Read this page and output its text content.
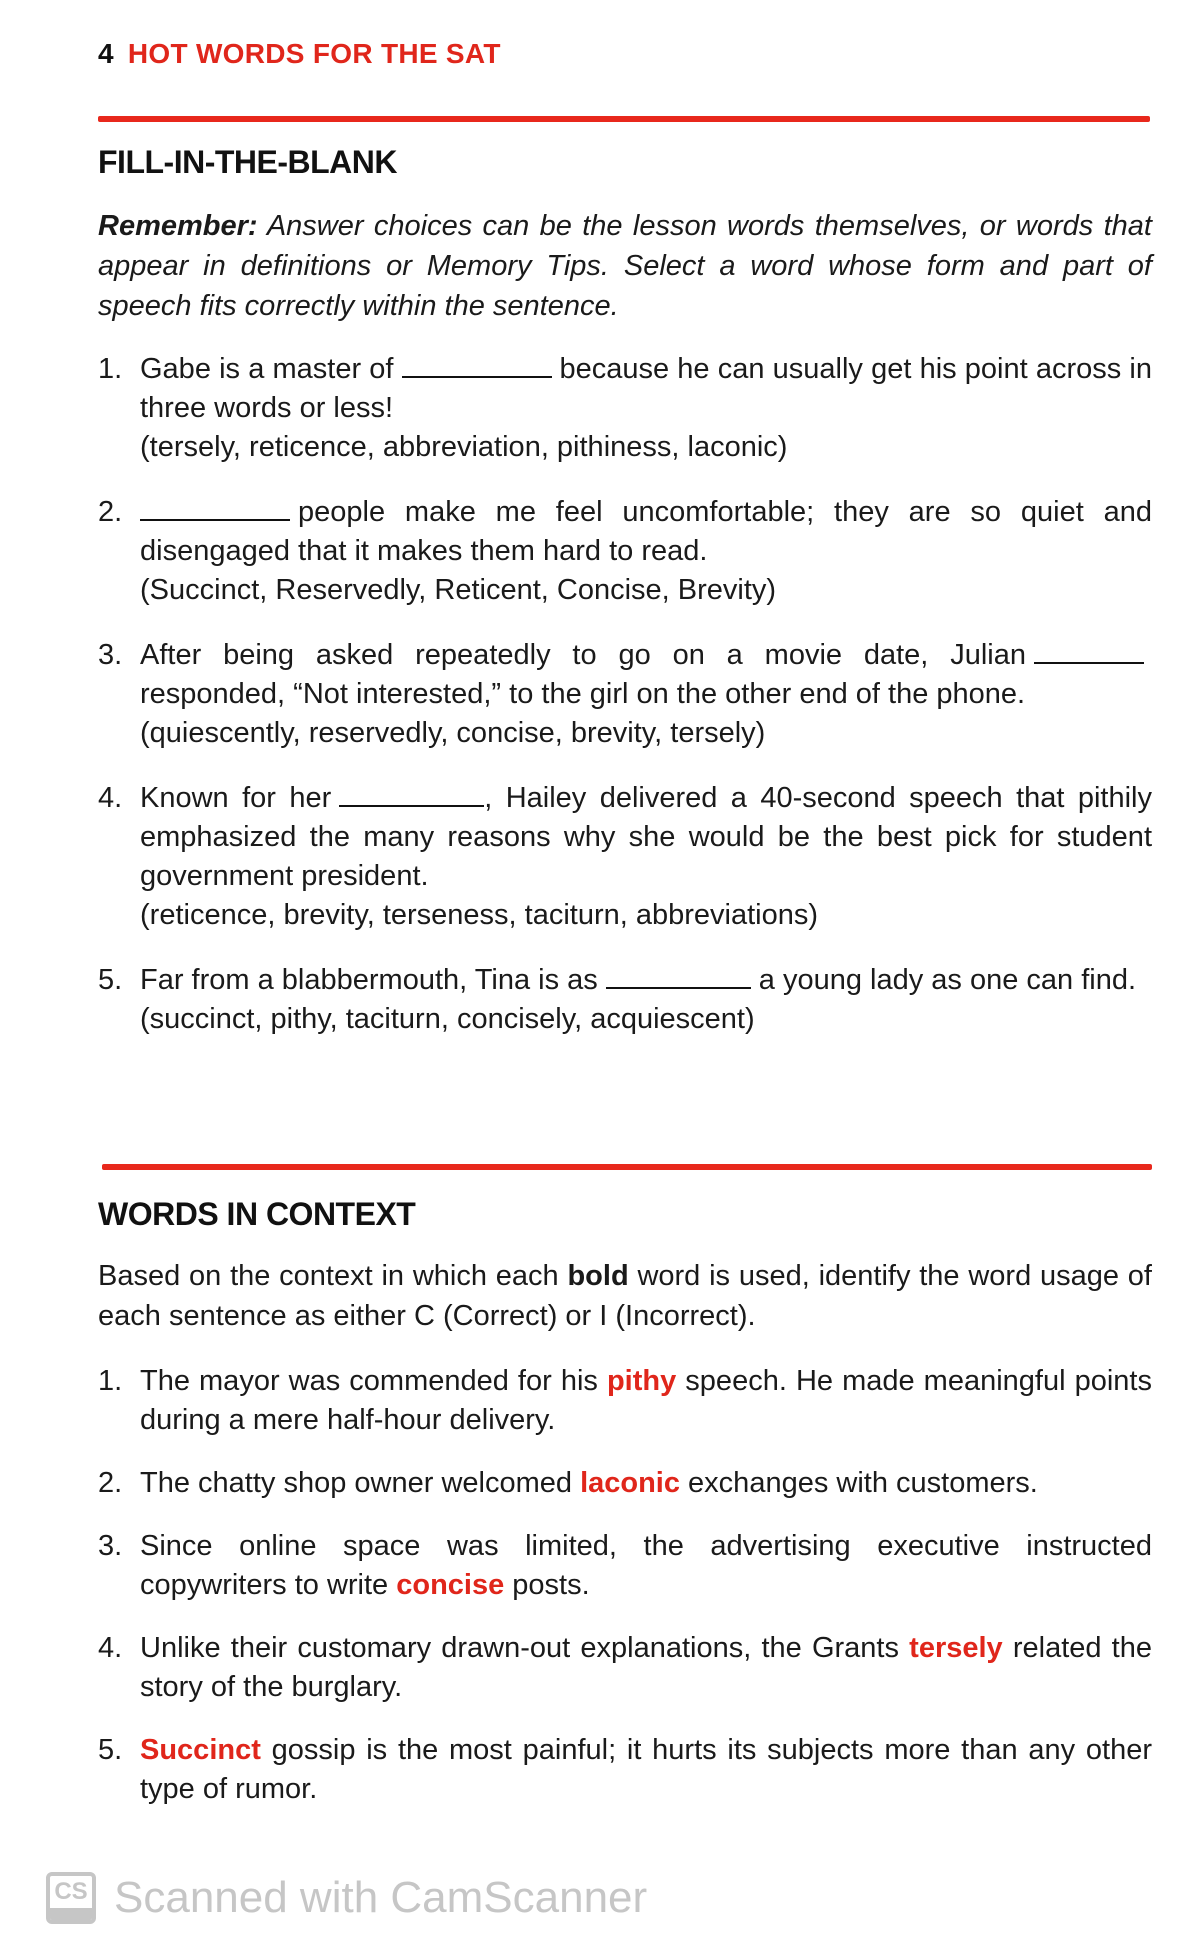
4 HOT WORDS FOR THE SAT
FILL-IN-THE-BLANK
Remember: Answer choices can be the lesson words themselves, or words that appear in definitions or Memory Tips. Select a word whose form and part of speech fits correctly within the sentence.
1. Gabe is a master of	because he can usually get his point across in three words or less!
(tersely, reticence, abbreviation, pithiness, laconic)
2.	people make me feel uncomfortable; they are so quiet and disengaged that it makes them hard to read.
(Succinct, Reservedly, Reticent, Concise, Brevity)
3. After being asked repeatedly to go on a movie date, Julianresponded, “Not interested,” to the girl on the other end of the phone.
(quiescently, reservedly, concise, brevity, tersely)
4. Known for her	, Hailey delivered a 40-second speech that pithily emphasized the many reasons why she would be the best pick for student government president.
(reticence, brevity, terseness, taciturn, abbreviations)
5. Far from a blabbermouth, Tina is as	a young lady as one can find.
(succinct, pithy, taciturn, concisely, acquiescent)
WORDS IN CONTEXT
Based on the context in which each bold word is used, identify the word usage of each sentence as either C (Correct) or I (Incorrect).
1. The mayor was commended for his pithy speech. He made meaningful points during a mere half-hour delivery.
2. The chatty shop owner welcomed laconic exchanges with customers.
3. Since online space was limited, the advertising executive instructed copywriters to write concise posts.
4. Unlike their customary drawn-out explanations, the Grants tersely related the story of the burglary.
5. Succinct gossip is the most painful; it hurts its subjects more than any other type of rumor.
CS Scanned with CamScanner
